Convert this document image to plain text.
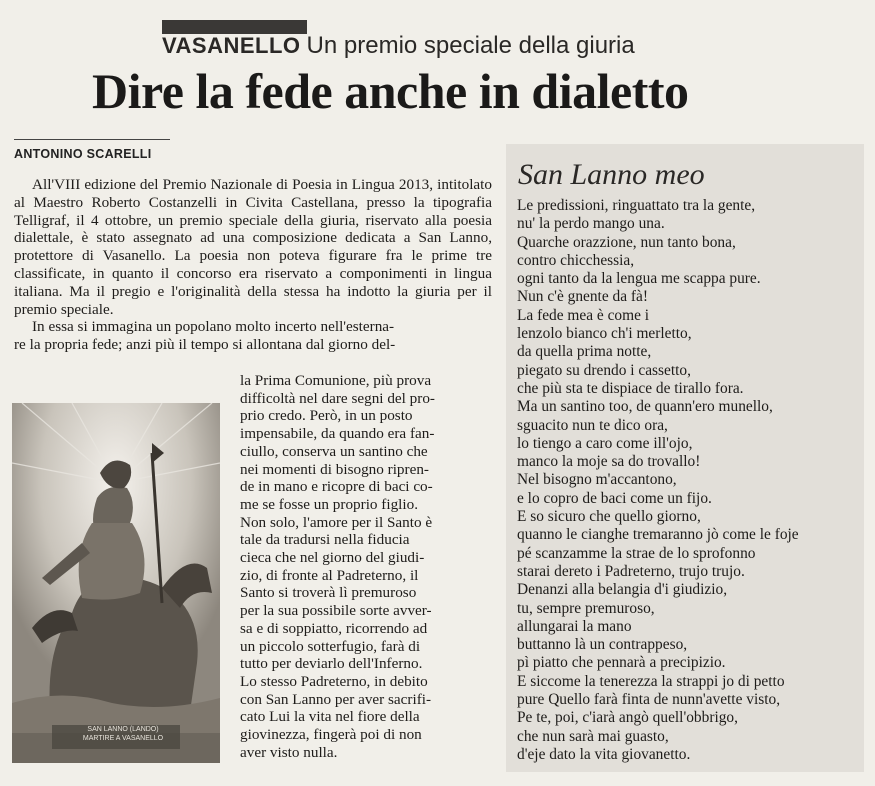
VASANELLO Un premio speciale della giuria
Dire la fede anche in dialetto
ANTONINO SCARELLI

All'VIII edizione del Premio Nazionale di Poesia in Lingua 2013, intitolato al Maestro Roberto Costanzelli in Civita Castellana, presso la tipografia Telligraf, il 4 ottobre, un premio speciale della giuria, riservato alla poesia dialettale, è stato assegnato ad una composizione dedicata a San Lanno, protettore di Vasanello. La poesia non poteva figurare fra le prime tre classificate, in quanto il concorso era riservato a componimenti in lingua italiana. Ma il pregio e l'originalità della stessa ha indotto la giuria per il premio speciale.

In essa si immagina un popolano molto incerto nell'esterna-
re la propria fede; anzi più il tempo si allontana dal giorno del-
la Prima Comunione, più prova
difficoltà nel dare segni del pro-
prio credo. Però, in un posto
impensabile, da quando era fan-
ciullo, conserva un santino che
nei momenti di bisogno ripren-
de in mano e ricopre di baci co-
me se fosse un proprio figlio.
Non solo, l'amore per il Santo è
tale da tradursi nella fiducia
cieca che nel giorno del giudi-
zio, di fronte al Padreterno, il
Santo si troverà lì premuroso
per la sua possibile sorte avver-
sa e di soppiatto, ricorrendo ad
un piccolo sotterfugio, farà di
tutto per deviarlo dell'Inferno.
Lo stesso Padreterno, in debito
con San Lanno per aver sacrifi-
cato Lui la vita nel fiore della
giovinezza, fingerà poi di non
aver visto nulla.
SAN LANNO (LANDO)
MARTIRE A VASANELLO
San Lanno meo
Le predissioni, ringuattato tra la gente,
nu' la perdo mango una.
Quarche orazzione, nun tanto bona,
contro chicchessia,
ogni tanto da la lengua me scappa pure.
Nun c'è gnente da fà!
La fede mea è come i
lenzolo bianco ch'i merletto,
da quella prima notte,
piegato su drendo i cassetto,
che più sta te dispiace de tirallo fora.
Ma un santino too, de quann'ero munello,
sguacito nun te dico ora,
lo tiengo a caro come ill'ojo,
manco la moje sa do trovallo!
Nel bisogno m'accantono,
e lo copro de baci come un fijo.
E so sicuro che quello giorno,
quanno le cianghe tremaranno jò come le foje
pé scanzamme la strae de lo sprofonno
starai dereto i Padreterno, trujo trujo.
Denanzi alla belangia d'i giudizio,
tu, sempre premuroso,
allungarai la mano
buttanno là un contrappeso,
pì piatto che pennarà a precipizio.
E siccome la tenerezza la strappi jo di petto
pure Quello farà finta de nunn'avette visto,
Pe te, poi, c'iarà angò quell'obbrigo,
che nun sarà mai guasto,
d'eje dato la vita giovanetto.
